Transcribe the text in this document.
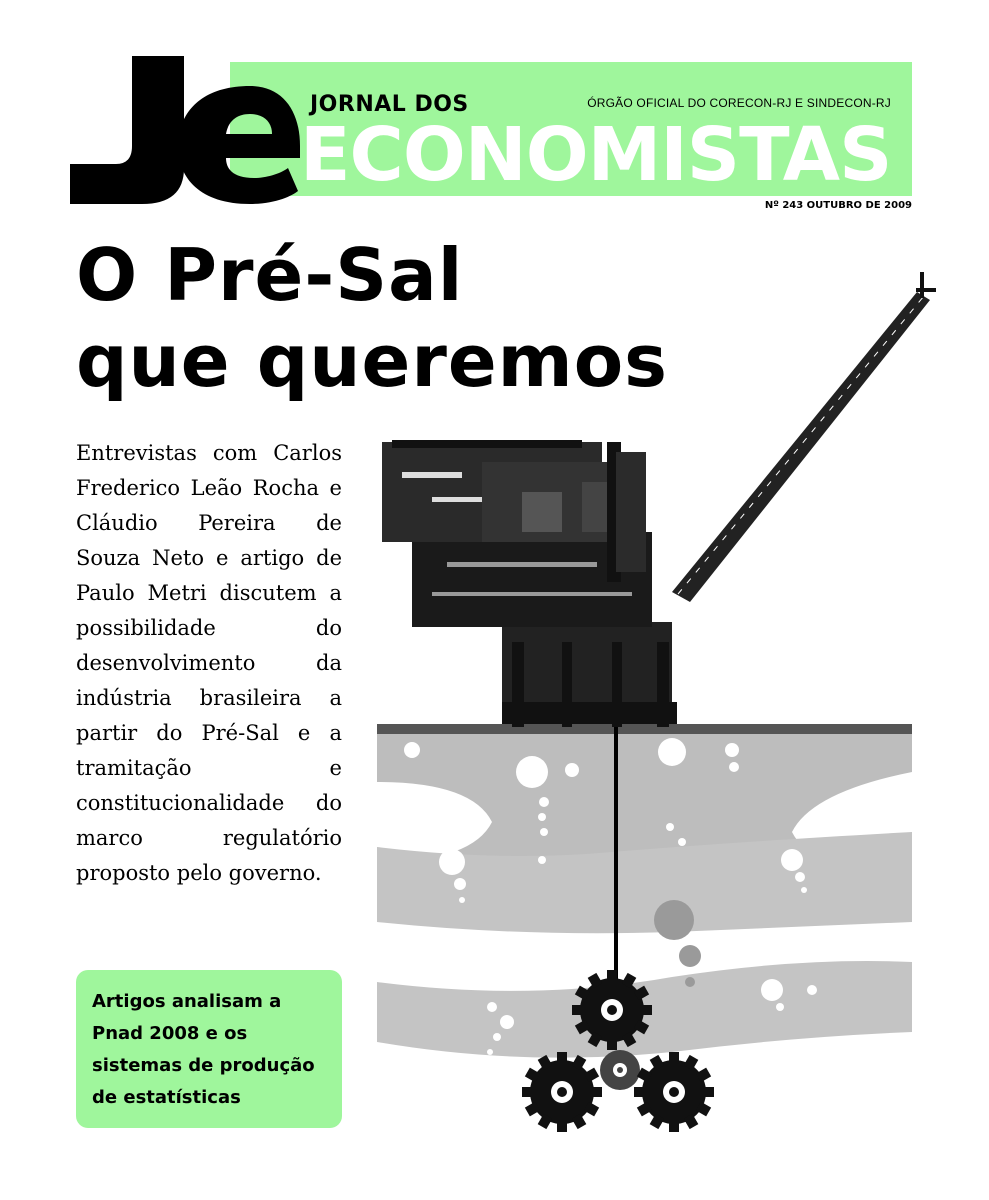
JORNAL DOS	ÓRGÃO OFICIAL DO CORECON-RJ E SINDECON-RJ
ECONOMISTAS
Nº 243 OUTUBRO DE 2009
O Pré-Sal
que queremos

Entrevistas com Carlos Frederico Leão Rocha e Cláudio Pereira de Souza Neto e artigo de Paulo Metri discutem a possibilidade do desenvolvimento da indústria brasileira a partir do Pré-Sal e a tramitação e constitucionalidade do marco regulatório proposto pelo governo.

Artigos analisam a Pnad 2008 e os sistemas de produção de estatísticas
